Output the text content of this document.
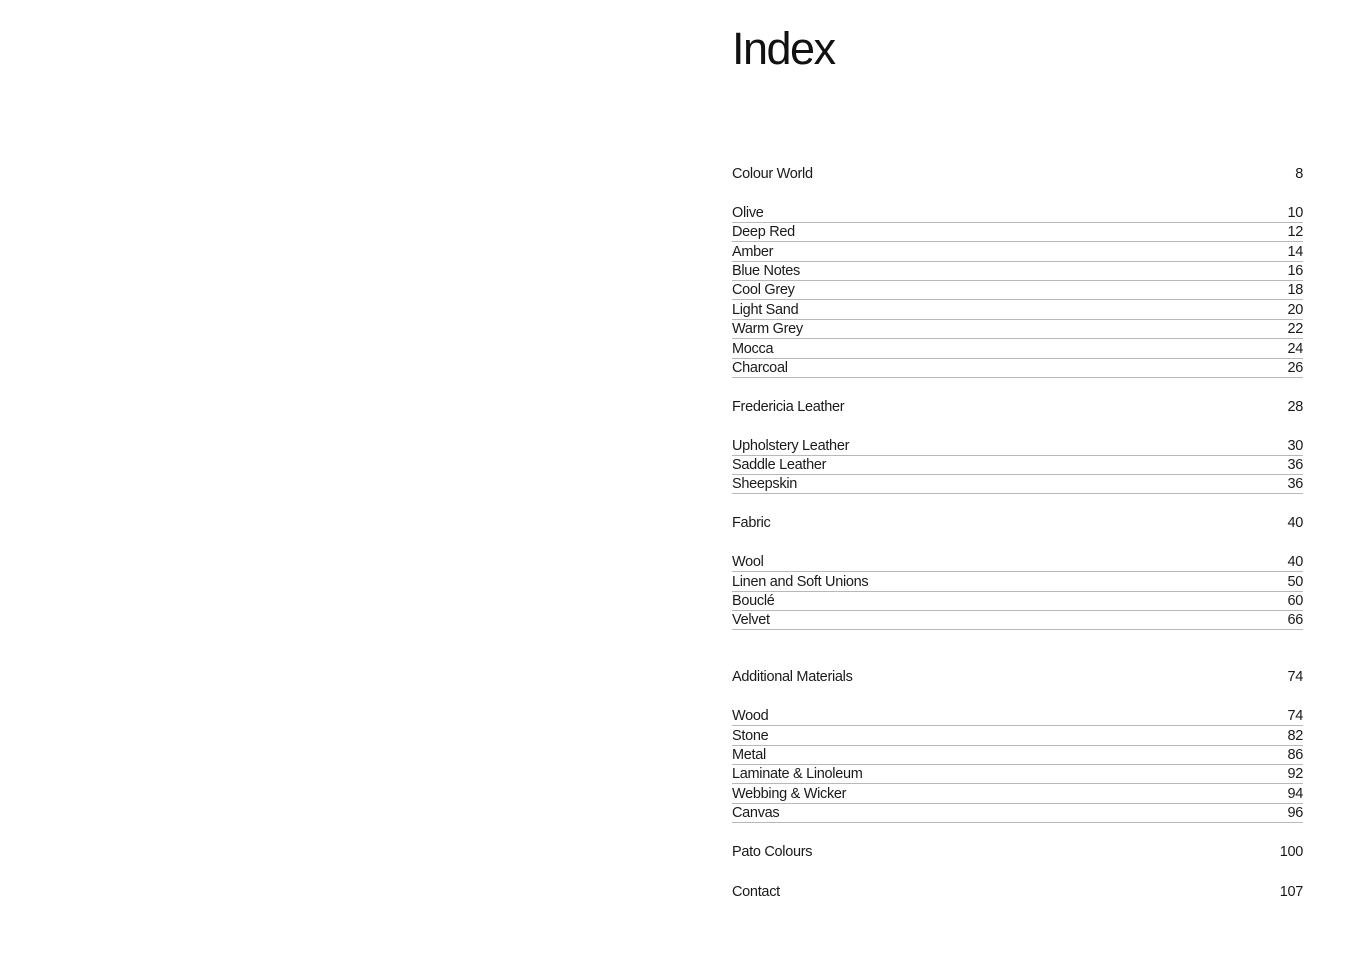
Index
Colour World	8
Olive	10
Deep Red	12
Amber	14
Blue Notes	16
Cool Grey	18
Light Sand	20
Warm Grey	22
Mocca	24
Charcoal	26
Fredericia Leather	28
Upholstery Leather	30
Saddle Leather	36
Sheepskin	36
Fabric	40
Wool	40
Linen and Soft Unions	50
Bouclé	60
Velvet	66
Additional Materials	74
Wood	74
Stone	82
Metal	86
Laminate & Linoleum	92
Webbing & Wicker	94
Canvas	96
Pato Colours	100
Contact	107
